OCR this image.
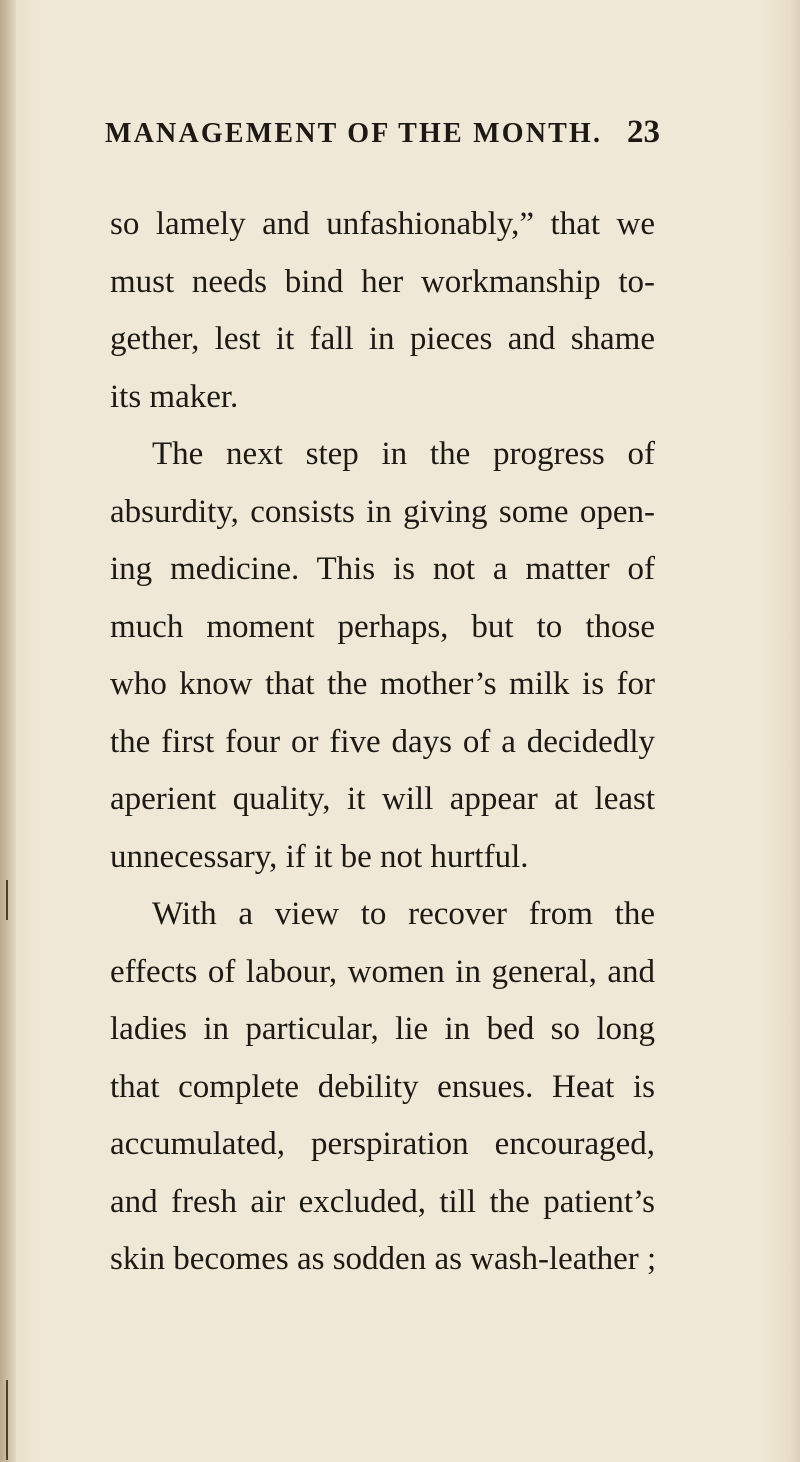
MANAGEMENT OF THE MONTH. 23
so lamely and unfashionably,” that we
must needs bind her workmanship to-
gether, lest it fall in pieces and shame
its maker.
The next step in the progress of
absurdity, consists in giving some open-
ing medicine. This is not a matter of
much moment perhaps, but to those
who know that the mother’s milk is for
the first four or five days of a decidedly
aperient quality, it will appear at least
unnecessary, if it be not hurtful.
With a view to recover from the
effects of labour, women in general, and
ladies in particular, lie in bed so long
that complete debility ensues. Heat is
accumulated, perspiration encouraged,
and fresh air excluded, till the patient’s
skin becomes as sodden as wash-leather ;
